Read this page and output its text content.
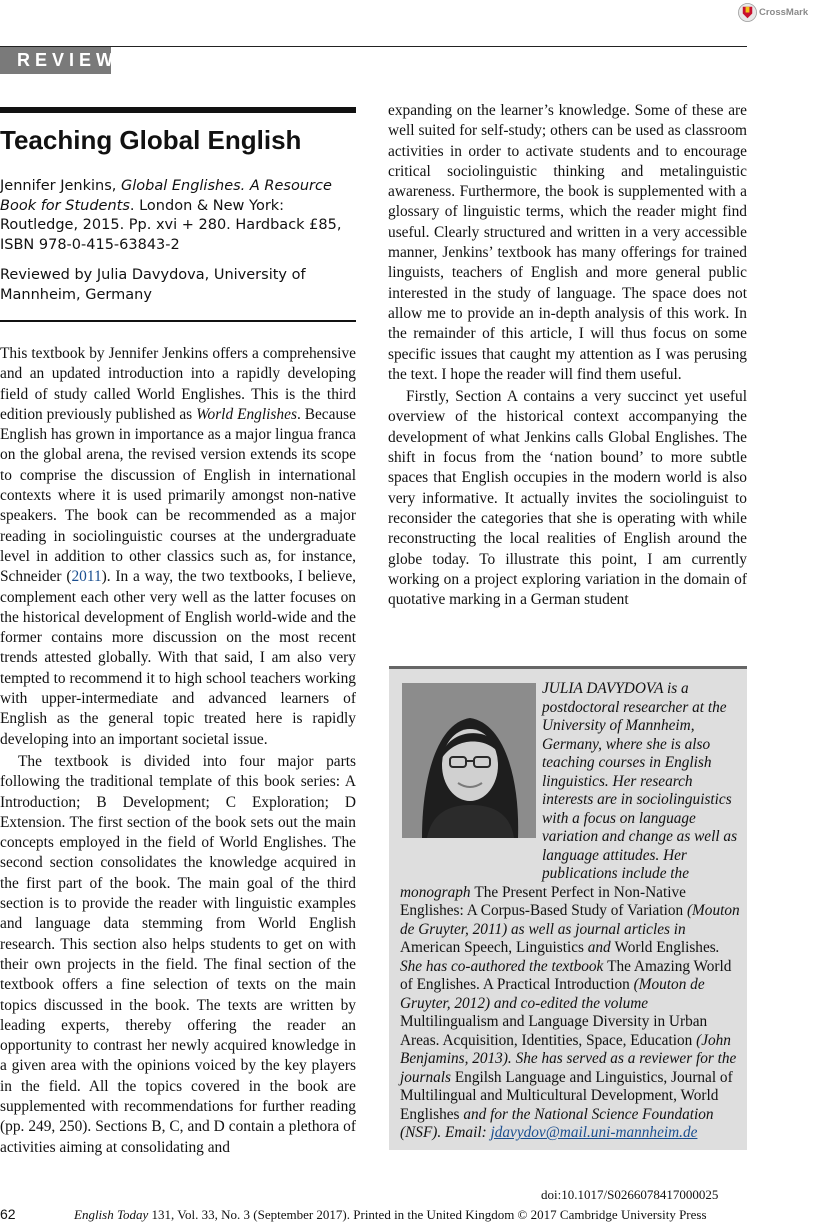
CrossMark
REVIEW
Teaching Global English
Jennifer Jenkins, Global Englishes. A Resource Book for Students. London & New York: Routledge, 2015. Pp. xvi + 280. Hardback £85, ISBN 978-0-415-63843-2
Reviewed by Julia Davydova, University of Mannheim, Germany

This textbook by Jennifer Jenkins offers a comprehensive and an updated introduction into a rapidly developing field of study called World Englishes. This is the third edition previously published as World Englishes. Because English has grown in importance as a major lingua franca on the global arena, the revised version extends its scope to comprise the discussion of English in international contexts where it is used primarily amongst non-native speakers. The book can be recommended as a major reading in sociolinguistic courses at the undergraduate level in addition to other classics such as, for instance, Schneider (2011). In a way, the two textbooks, I believe, complement each other very well as the latter focuses on the historical development of English world-wide and the former contains more discussion on the most recent trends attested globally. With that said, I am also very tempted to recommend it to high school teachers working with upper-intermediate and advanced learners of English as the general topic treated here is rapidly developing into an important societal issue.

The textbook is divided into four major parts following the traditional template of this book series: A Introduction; B Development; C Exploration; D Extension. The first section of the book sets out the main concepts employed in the field of World Englishes. The second section consolidates the knowledge acquired in the first part of the book. The main goal of the third section is to provide the reader with linguistic examples and language data stemming from World English research. This section also helps students to get on with their own projects in the field. The final section of the textbook offers a fine selection of texts on the main topics discussed in the book. The texts are written by leading experts, thereby offering the reader an opportunity to contrast her newly acquired knowledge in a given area with the opinions voiced by the key players in the field. All the topics covered in the book are supplemented with recommendations for further reading (pp. 249, 250). Sections B, C, and D contain a plethora of activities aiming at consolidating and

expanding on the learner’s knowledge. Some of these are well suited for self-study; others can be used as classroom activities in order to activate students and to encourage critical sociolinguistic thinking and metalinguistic awareness. Furthermore, the book is supplemented with a glossary of linguistic terms, which the reader might find useful. Clearly structured and written in a very accessible manner, Jenkins’ textbook has many offerings for trained linguists, teachers of English and more general public interested in the study of language. The space does not allow me to provide an in-depth analysis of this work. In the remainder of this article, I will thus focus on some specific issues that caught my attention as I was perusing the text. I hope the reader will find them useful.

Firstly, Section A contains a very succinct yet useful overview of the historical context accompanying the development of what Jenkins calls Global Englishes. The shift in focus from the ‘nation bound’ to more subtle spaces that English occupies in the modern world is also very informative. It actually invites the sociolinguist to reconsider the categories that she is operating with while reconstructing the local realities of English around the globe today. To illustrate this point, I am currently working on a project exploring variation in the domain of quotative marking in a German student

JULIA DAVYDOVA is a postdoctoral researcher at the University of Mannheim, Germany, where she is also teaching courses in English linguistics. Her research interests are in sociolinguistics with a focus on language variation and change as well as language attitudes. Her publications include the monograph The Present Perfect in Non-Native Englishes: A Corpus-Based Study of Variation (Mouton de Gruyter, 2011) as well as journal articles in American Speech, Linguistics and World Englishes. She has co-authored the textbook The Amazing World of Englishes. A Practical Introduction (Mouton de Gruyter, 2012) and co-edited the volume Multilingualism and Language Diversity in Urban Areas. Acquisition, Identities, Space, Education (John Benjamins, 2013). She has served as a reviewer for the journals Engilsh Language and Linguistics, Journal of Multilingual and Multicultural Development, World Englishes and for the National Science Foundation (NSF). Email: jdavydov@mail.uni-mannheim.de
doi:10.1017/S0266078417000025
62	English Today 131, Vol. 33, No. 3 (September 2017). Printed in the United Kingdom © 2017 Cambridge University Press
